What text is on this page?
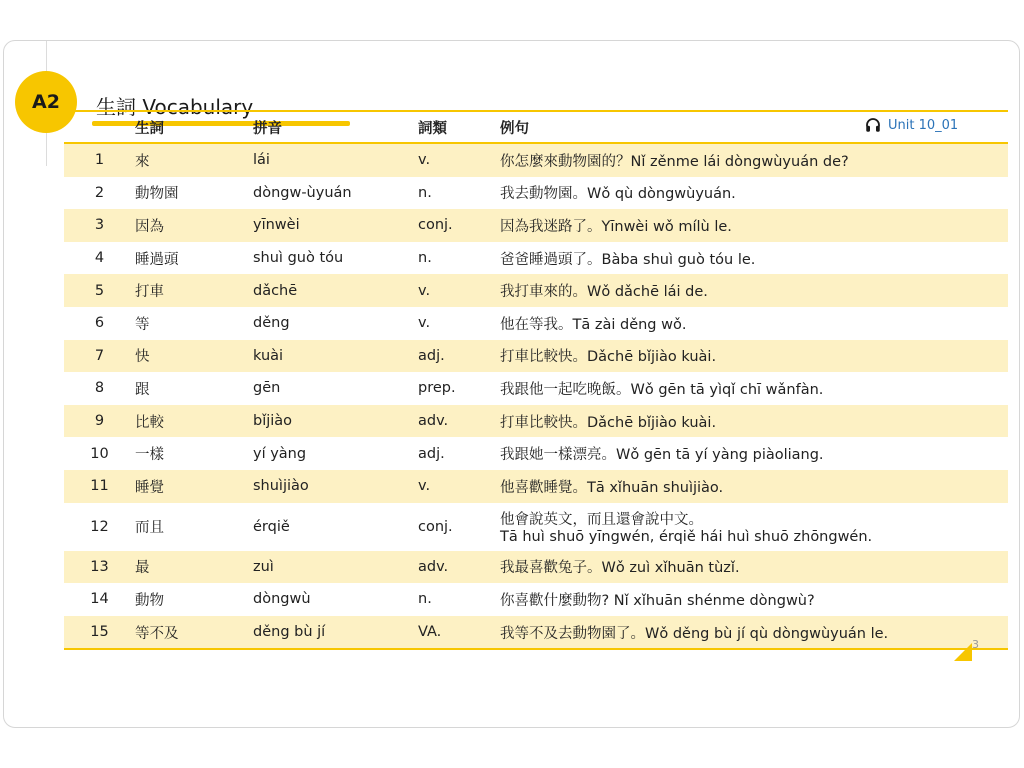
A2	生詞 Vocabulary
Unit 10_01
	生詞	拼音	詞類	例句
1	來	lái	v.	你怎麼來動物園的？Nǐ zěnme lái dòngwùyuán de?

2	動物園	dòngw-ùyuán	n.	我去動物園。Wǒ qù dòngwùyuán.

3	因為	yīnwèi	conj.	因為我迷路了。Yīnwèi wǒ mílù le.

4	睡過頭	shuì guò tóu	n.	爸爸睡過頭了。Bàba shuì guò tóu le.

5	打車	dǎchē	v.	我打車來的。Wǒ dǎchē lái de.

6	等	děng	v.	他在等我。Tā zài děng wǒ.

7	快	kuài	adj.	打車比較快。Dǎchē bǐjiào kuài.

8	跟	gēn	prep.	我跟他一起吃晚飯。Wǒ gēn tā yìqǐ chī wǎnfàn.

9	比較	bǐjiào	adv.	打車比較快。Dǎchē bǐjiào kuài.

10	一樣	yí yàng	adj.	我跟她一樣漂亮。Wǒ gēn tā yí yàng piàoliang.

11	睡覺	shuìjiào	v.	他喜歡睡覺。Tā xǐhuān shuìjiào.

12	而且	érqiě	conj.	他會說英文，而且還會說中文。
Tā huì shuō yīngwén, érqiě hái huì shuō zhōngwén.

13	最	zuì	adv.	我最喜歡兔子。Wǒ zuì xǐhuān tùzǐ.

14	動物	dòngwù	n.	你喜歡什麼動物? Nǐ xǐhuān shénme dòngwù?

15	等不及	děng bù jí	VA.	我等不及去動物園了。Wǒ děng bù jí qù dòngwùyuán le.
3
